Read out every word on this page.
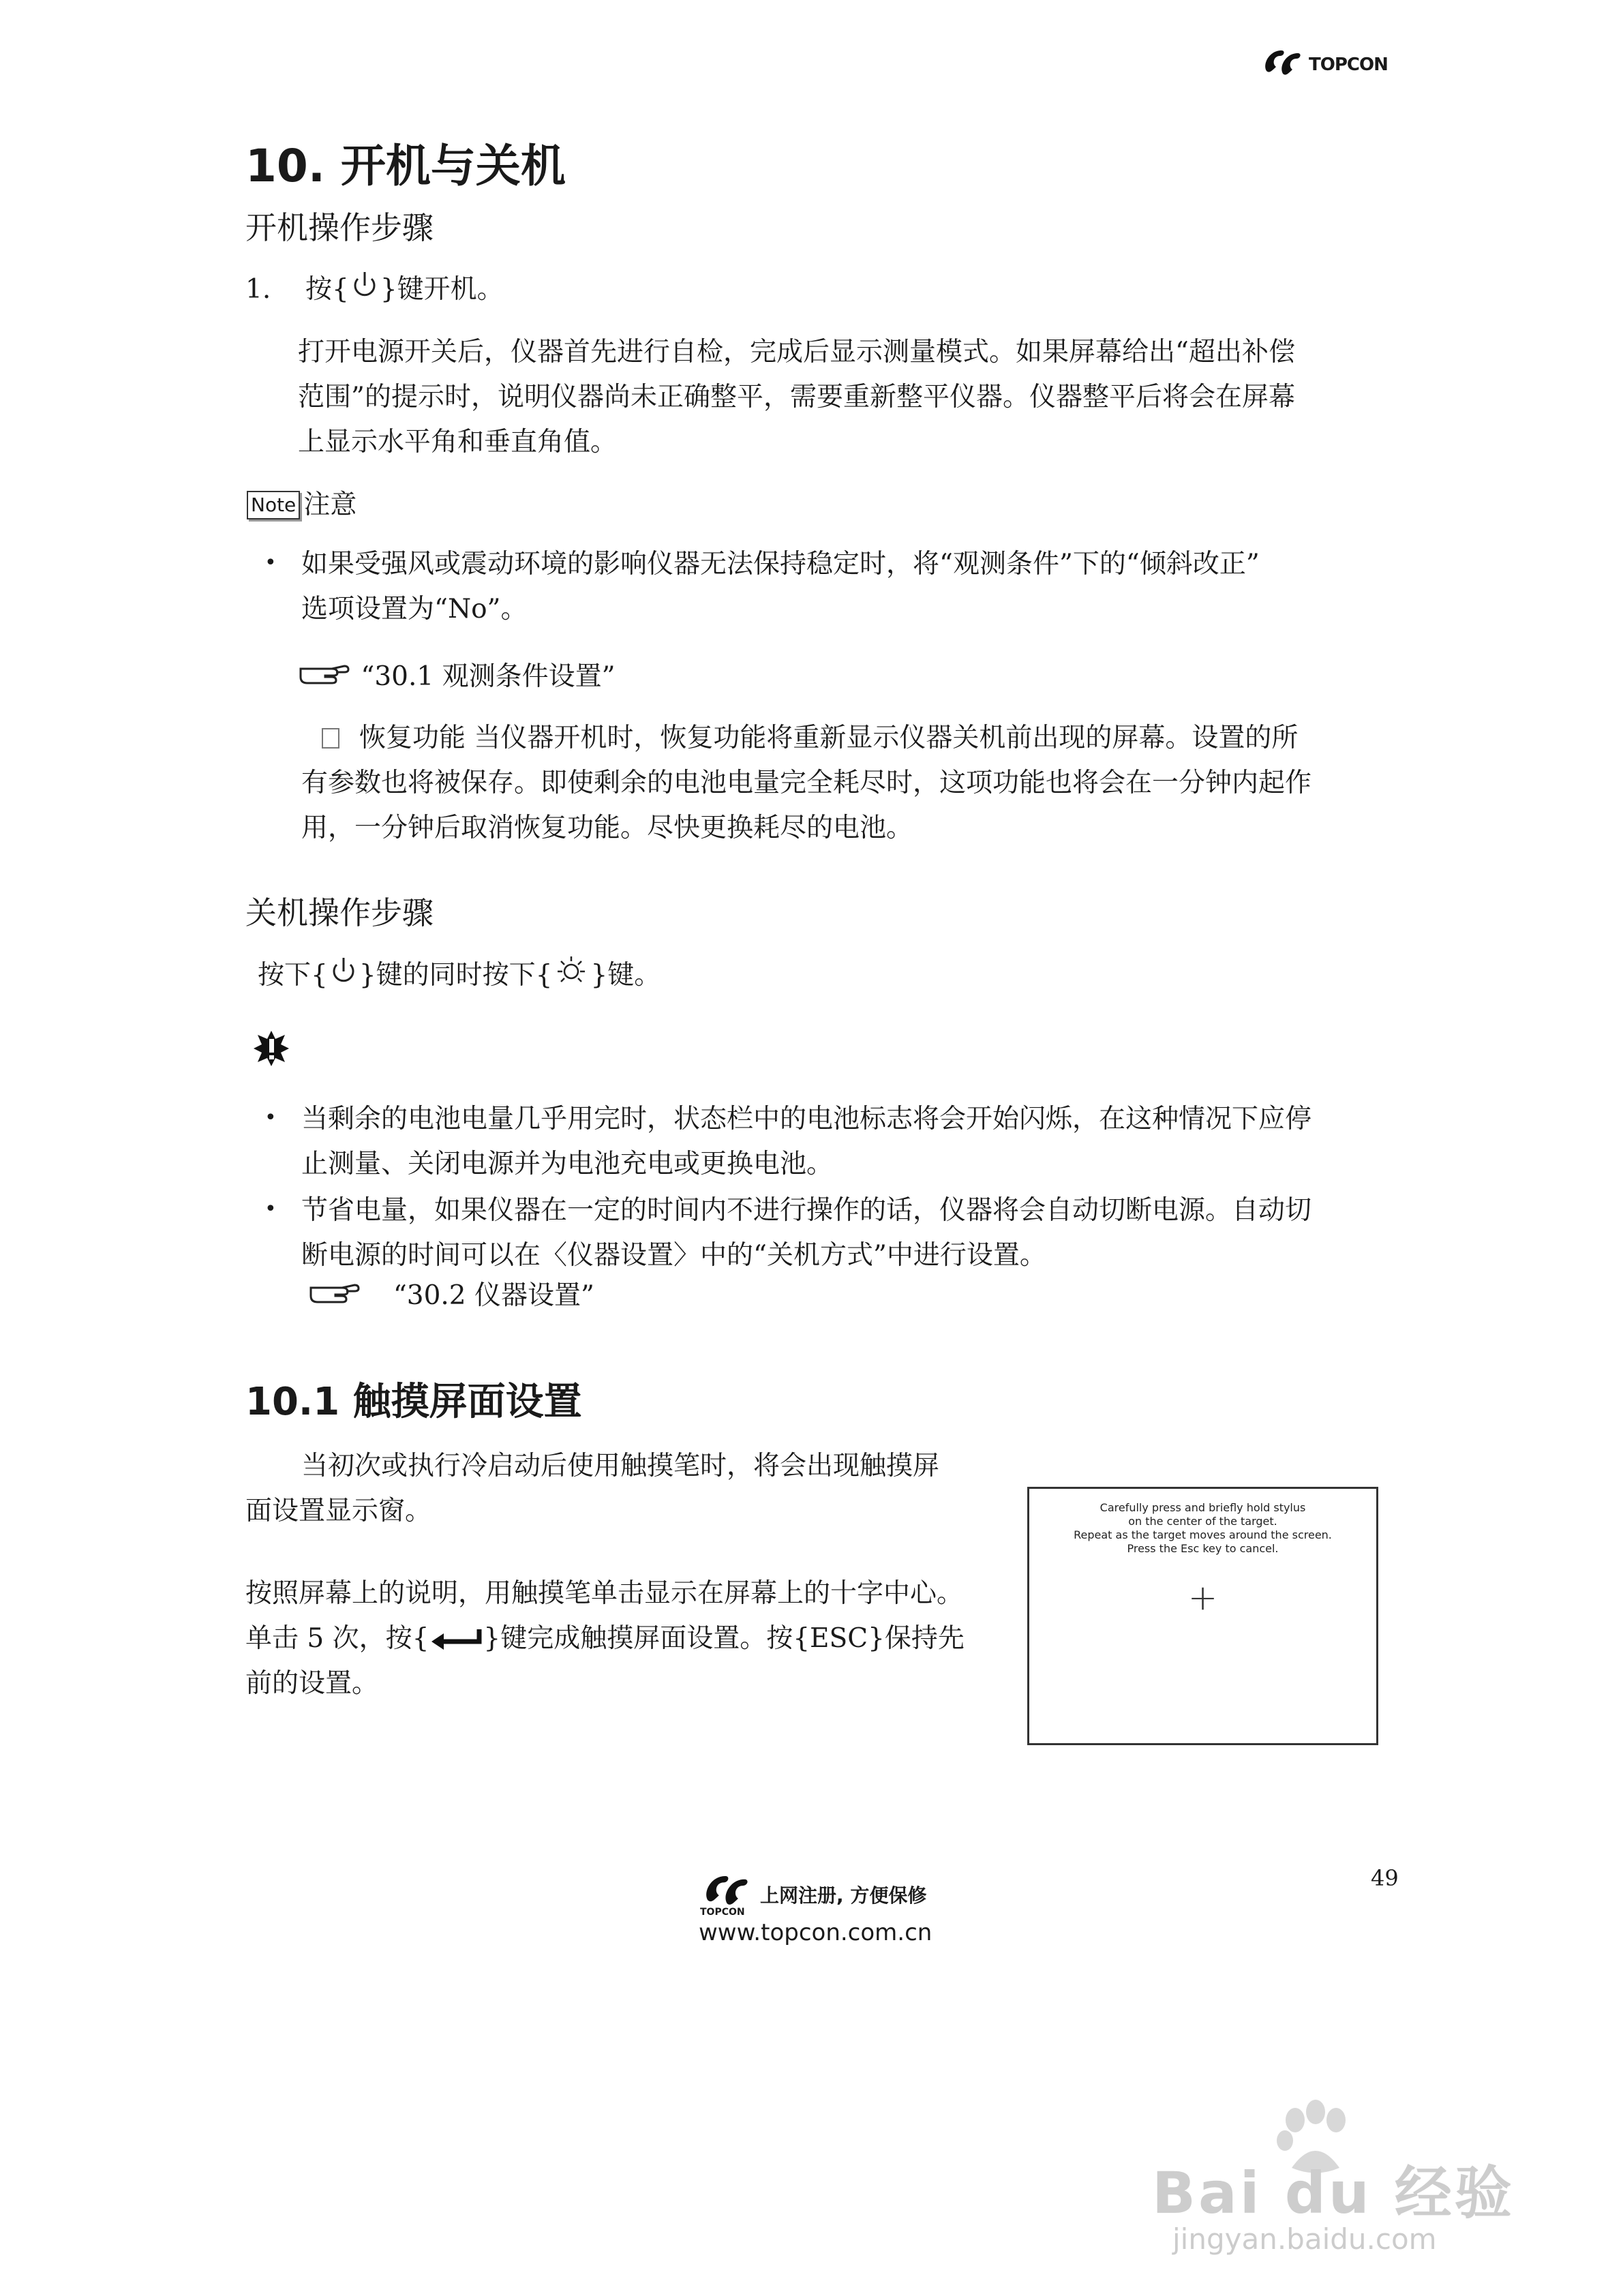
TOPCON
10. 开机与关机
开机操作步骤
1. 按{ }键开机。
打开电源开关后，仪器首先进行自检，完成后显示测量模式。如果屏幕给出“超出补偿
范围”的提示时，说明仪器尚未正确整平，需要重新整平仪器。仪器整平后将会在屏幕
上显示水平角和垂直角值。
Note 注意
• 如果受强风或震动环境的影响仪器无法保持稳定时，将“观测条件”下的“倾斜改正”
选项设置为“No”。
“30.1 观测条件设置”
恢复功能 当仪器开机时，恢复功能将重新显示仪器关机前出现的屏幕。设置的所
有参数也将被保存。即使剩余的电池电量完全耗尽时，这项功能也将会在一分钟内起作
用，一分钟后取消恢复功能。尽快更换耗尽的电池。
关机操作步骤
按下{ }键的同时按下{ }键。
• 当剩余的电池电量几乎用完时，状态栏中的电池标志将会开始闪烁，在这种情况下应停
止测量、关闭电源并为电池充电或更换电池。
• 节省电量，如果仪器在一定的时间内不进行操作的话，仪器将会自动切断电源。自动切
断电源的时间可以在〈仪器设置〉中的“关机方式”中进行设置。
“30.2 仪器设置”
10.1 触摸屏面设置
当初次或执行冷启动后使用触摸笔时，将会出现触摸屏
面设置显示窗。
按照屏幕上的说明，用触摸笔单击显示在屏幕上的十字中心。
单击 5 次，按{ }键完成触摸屏面设置。按{ESC}保持先
前的设置。
Carefully press and briefly hold stylus
on the center of the target.
Repeat as the target moves around the screen.
Press the Esc key to cancel.
+
49
TOPCON
上网注册, 方便保修
www.topcon.com.cn
Bai du 经验
jingyan.baidu.com
